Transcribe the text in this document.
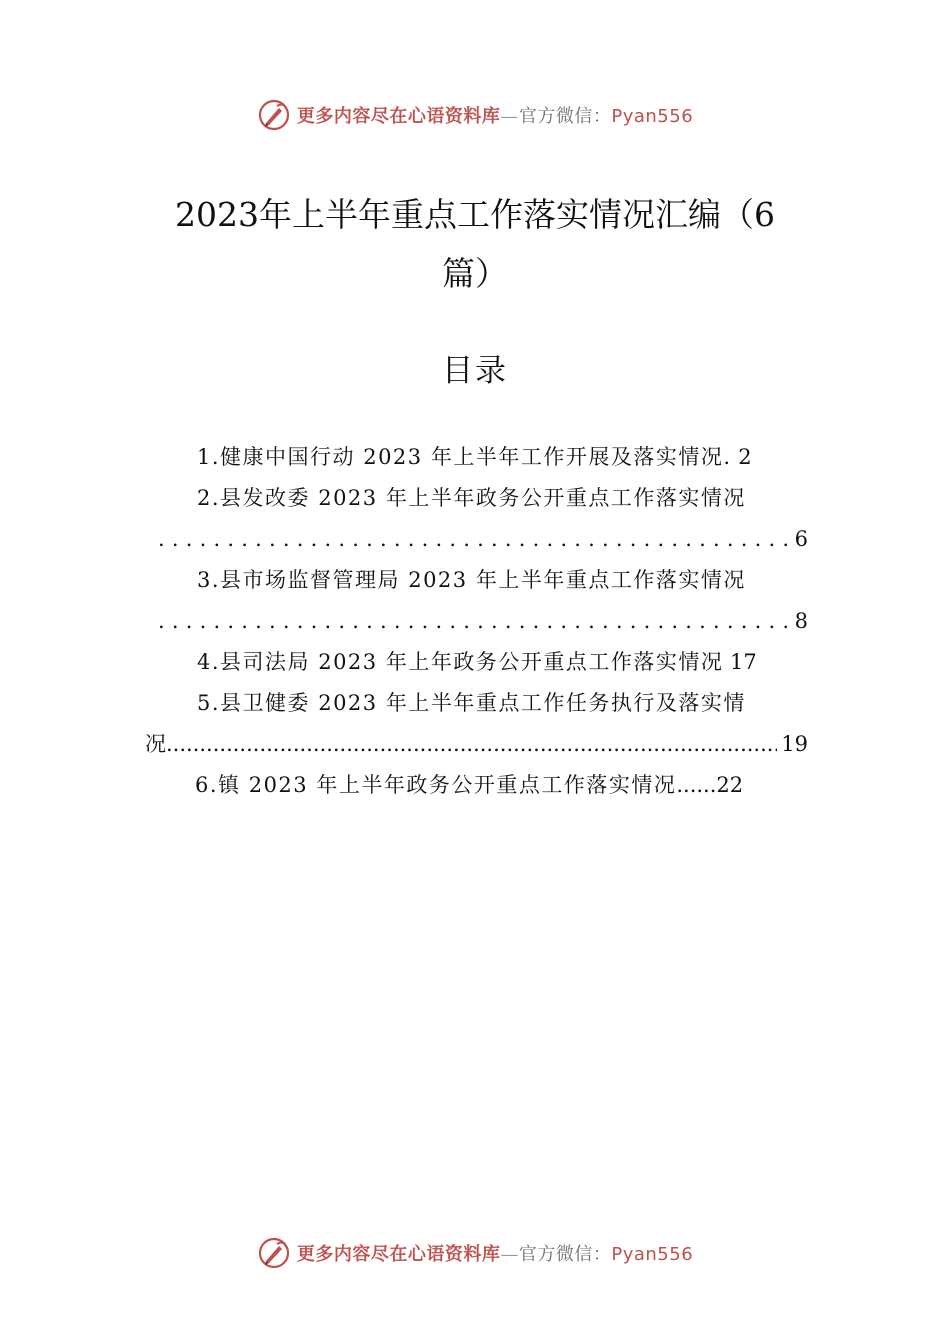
更多内容尽在心语资料库—官方微信：Pyan556
2023年上半年重点工作落实情况汇编（6
篇）
目录
1.健康中国行动 2023 年上半年工作开展及落实情况. 2
2.县发改委 2023 年上半年政务公开重点工作落实情况
.....
6
3.县市场监督管理局 2023 年上半年重点工作落实情况
.....
8
4.县司法局 2023 年上年政务公开重点工作落实情况 17
5.县卫健委 2023 年上半年重点工作任务执行及落实情
况
.....	19
6.镇 2023 年上半年政务公开重点工作落实情况......22
更多内容尽在心语资料库—官方微信：Pyan556
